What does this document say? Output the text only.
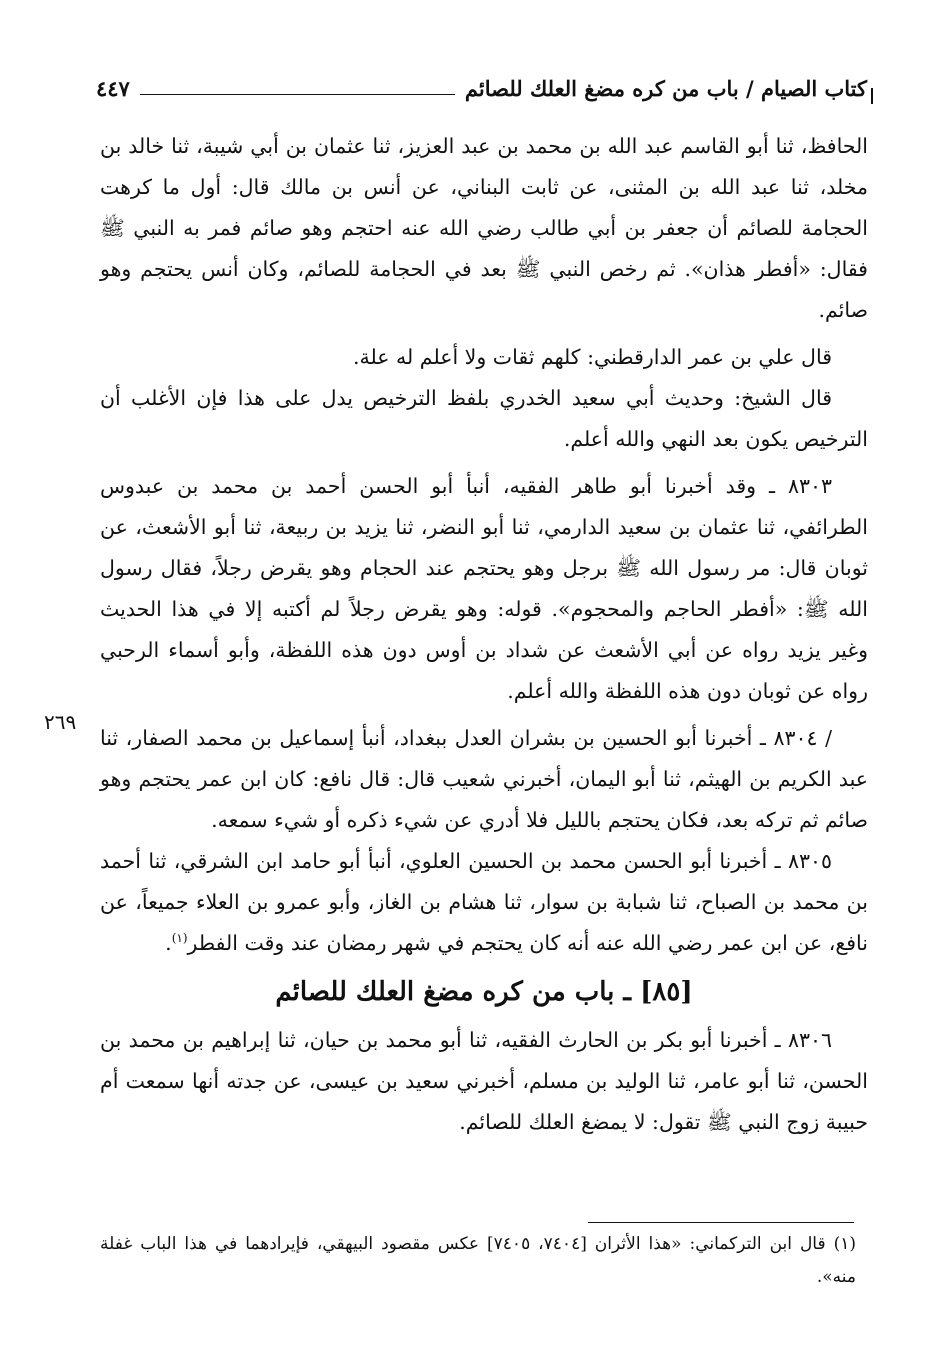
كتاب الصيام / باب من كره مضغ العلك للصائم
٤٤٧
٢٦٩

الحافظ، ثنا أبو القاسم عبد الله بن محمد بن عبد العزيز، ثنا عثمان بن أبي شيبة، ثنا خالد بن مخلد، ثنا عبد الله بن المثنى، عن ثابت البناني، عن أنس بن مالك قال: أول ما كرهت الحجامة للصائم أن جعفر بن أبي طالب رضي الله عنه احتجم وهو صائم فمر به النبي ﷺ فقال: «أفطر هذان». ثم رخص النبي ﷺ بعد في الحجامة للصائم، وكان أنس يحتجم وهو صائم.

قال علي بن عمر الدارقطني: كلهم ثقات ولا أعلم له علة.

قال الشيخ: وحديث أبي سعيد الخدري بلفظ الترخيص يدل على هذا فإن الأغلب أن الترخيص يكون بعد النهي والله أعلم.

٨٣٠٣ ـ وقد أخبرنا أبو طاهر الفقيه، أنبأ أبو الحسن أحمد بن محمد بن عبدوس الطرائفي، ثنا عثمان بن سعيد الدارمي، ثنا أبو النضر، ثنا يزيد بن ربيعة، ثنا أبو الأشعث، عن ثوبان قال: مر رسول الله ﷺ برجل وهو يحتجم عند الحجام وهو يقرض رجلاً، فقال رسول الله ﷺ: «أفطر الحاجم والمحجوم». قوله: وهو يقرض رجلاً لم أكتبه إلا في هذا الحديث وغير يزيد رواه عن أبي الأشعث عن شداد بن أوس دون هذه اللفظة، وأبو أسماء الرحبي رواه عن ثوبان دون هذه اللفظة والله أعلم.

/ ٨٣٠٤ ـ أخبرنا أبو الحسين بن بشران العدل ببغداد، أنبأ إسماعيل بن محمد الصفار، ثنا عبد الكريم بن الهيثم، ثنا أبو اليمان، أخبرني شعيب قال: قال نافع: كان ابن عمر يحتجم وهو صائم ثم تركه بعد، فكان يحتجم بالليل فلا أدري عن شيء ذكره أو شيء سمعه.

٨٣٠٥ ـ أخبرنا أبو الحسن محمد بن الحسين العلوي، أنبأ أبو حامد ابن الشرقي، ثنا أحمد بن محمد بن الصباح، ثنا شبابة بن سوار، ثنا هشام بن الغاز، وأبو عمرو بن العلاء جميعاً، عن نافع، عن ابن عمر رضي الله عنه أنه كان يحتجم في شهر رمضان عند وقت الفطر$^{(١)}$.

[٨٥] ـ باب من كره مضغ العلك للصائم

٨٣٠٦ ـ أخبرنا أبو بكر بن الحارث الفقيه، ثنا أبو محمد بن حيان، ثنا إبراهيم بن محمد بن الحسن، ثنا أبو عامر، ثنا الوليد بن مسلم، أخبرني سعيد بن عيسى، عن جدته أنها سمعت أم حبيبة زوج النبي ﷺ تقول: لا يمضغ العلك للصائم.

(١) قال ابن التركماني: «هذا الأثران [٧٤٠٤، ٧٤٠٥] عكس مقصود البيهقي، فإيرادهما في هذا الباب غفلة منه».
